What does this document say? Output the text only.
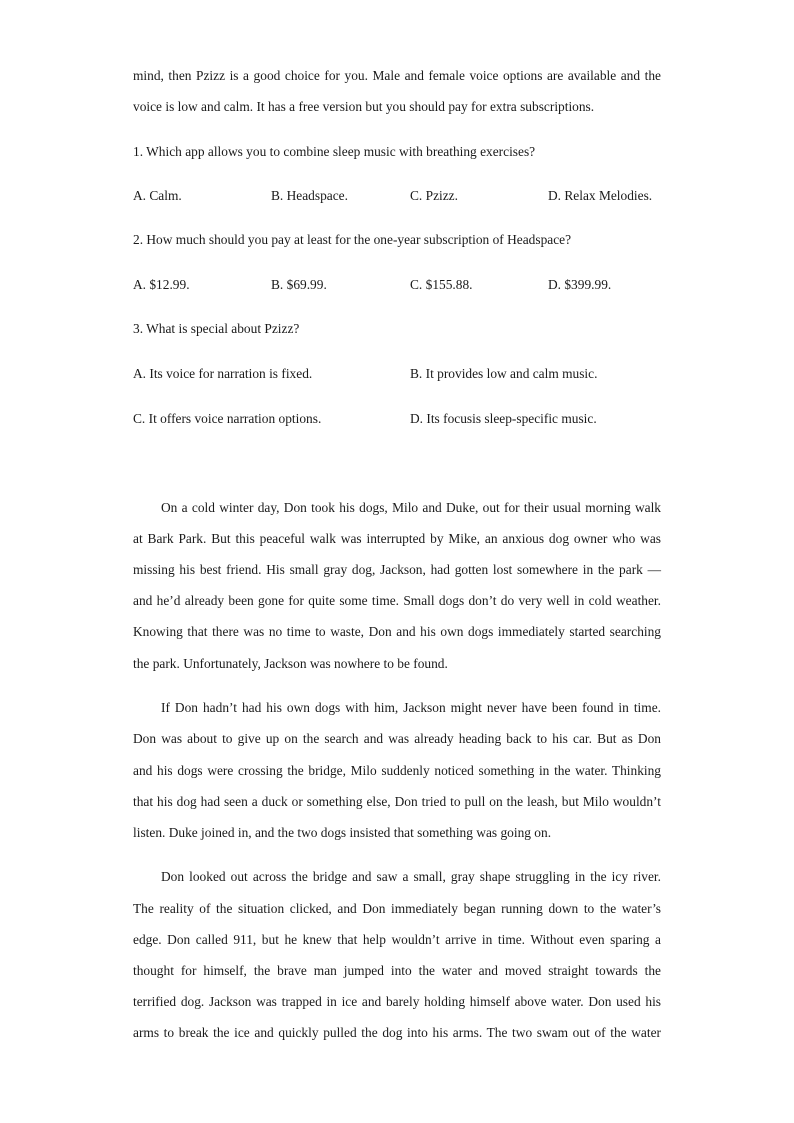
mind, then Pzizz is a good choice for you. Male and female voice options are available and the
voice is low and calm. It has a free version but you should pay for extra subscriptions.
1. Which app allows you to combine sleep music with breathing exercises?
A. Calm.	B. Headspace.	C. Pzizz.	D. Relax Melodies.
2. How much should you pay at least for the one-year subscription of Headspace?
A. $12.99.	B. $69.99.	C. $155.88.	D. $399.99.
3. What is special about Pzizz?
A. Its voice for narration is fixed.	B. It provides low and calm music.
C. It offers voice narration options.	D. Its focusis sleep-specific music.
On a cold winter day, Don took his dogs, Milo and Duke, out for their usual morning walk
at Bark Park. But this peaceful walk was interrupted by Mike, an anxious dog owner who was
missing his best friend. His small gray dog, Jackson, had gotten lost somewhere in the park —
and he’d already been gone for quite some time. Small dogs don’t do very well in cold weather.
Knowing that there was no time to waste, Don and his own dogs immediately started searching
the park. Unfortunately, Jackson was nowhere to be found.
If Don hadn’t had his own dogs with him, Jackson might never have been found in time.
Don was about to give up on the search and was already heading back to his car. But as Don
and his dogs were crossing the bridge, Milo suddenly noticed something in the water. Thinking
that his dog had seen a duck or something else, Don tried to pull on the leash, but Milo wouldn’t
listen. Duke joined in, and the two dogs insisted that something was going on.
Don looked out across the bridge and saw a small, gray shape struggling in the icy river.
The reality of the situation clicked, and Don immediately began running down to the water’s
edge. Don called 911, but he knew that help wouldn’t arrive in time. Without even sparing a
thought for himself, the brave man jumped into the water and moved straight towards the
terrified dog. Jackson was trapped in ice and barely holding himself above water. Don used his
arms to break the ice and quickly pulled the dog into his arms. The two swam out of the water
